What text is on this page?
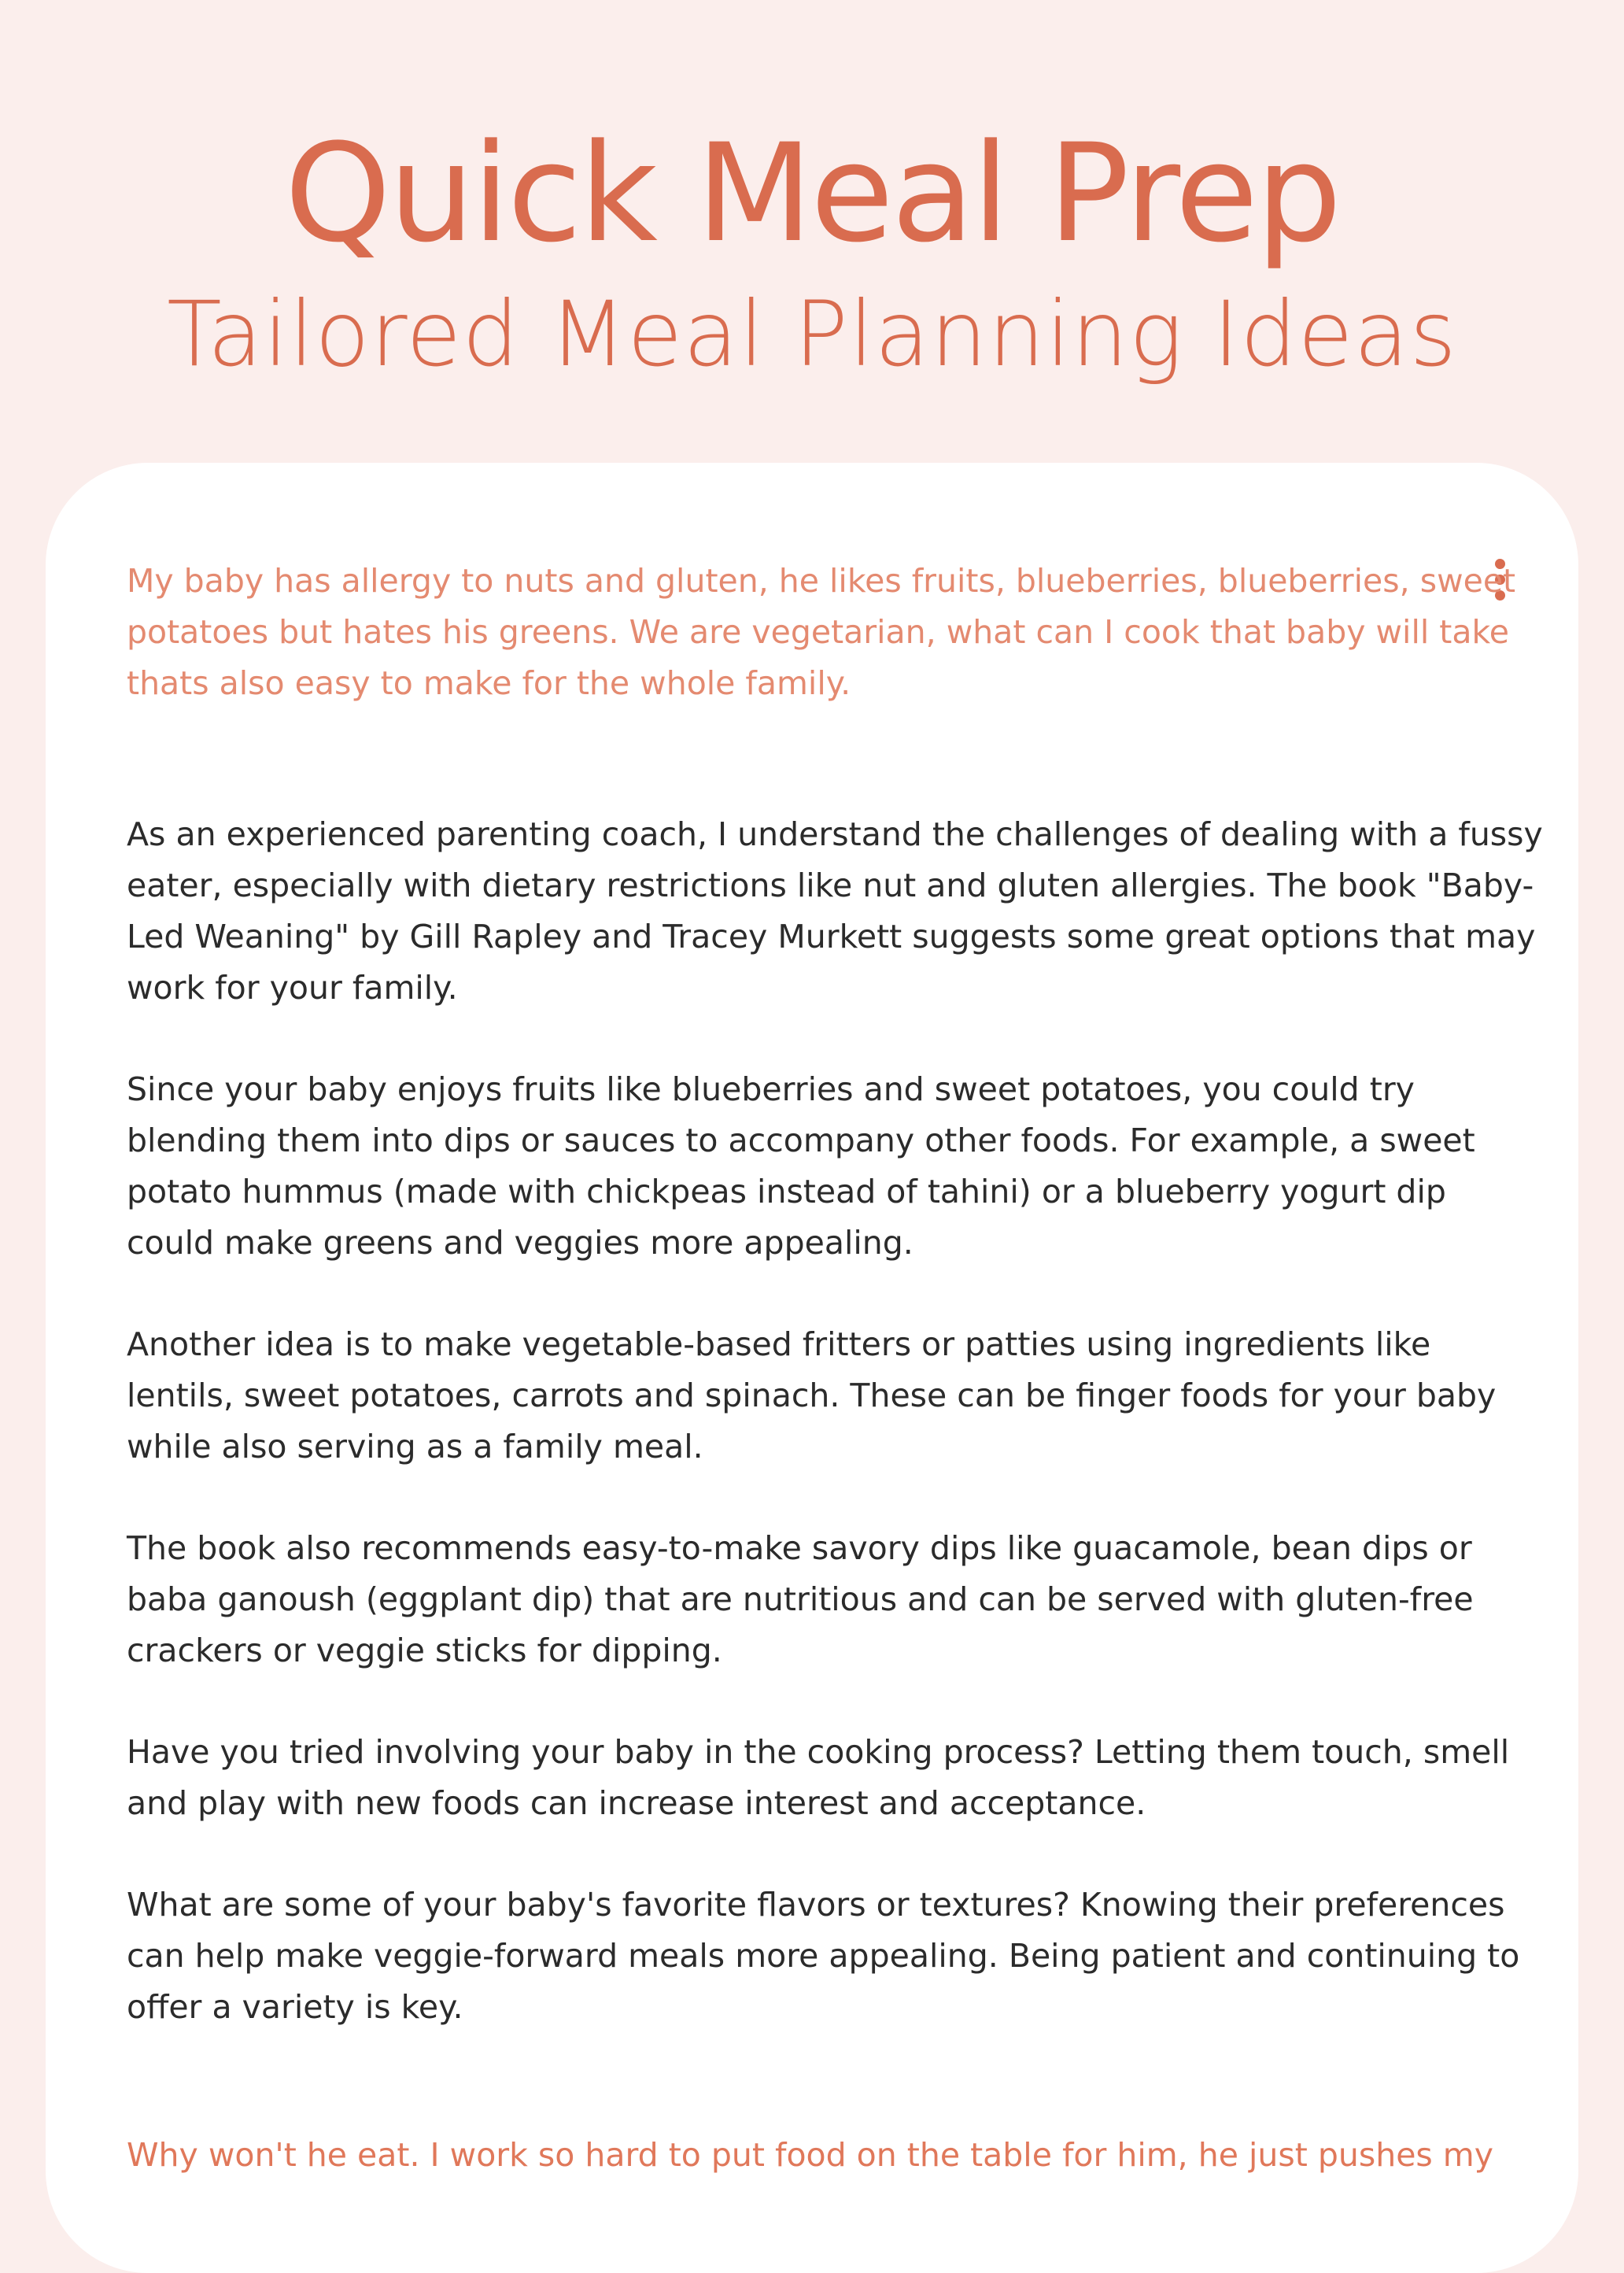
Quick Meal Prep
Tailored Meal Planning Ideas

My baby has allergy to nuts and gluten, he likes fruits, blueberries, blueberries, sweet potatoes but hates his greens. We are vegetarian, what can I cook that baby will take thats also easy to make for the whole family.

As an experienced parenting coach, I understand the challenges of dealing with a fussy eater, especially with dietary restrictions like nut and gluten allergies. The book "Baby-Led Weaning" by Gill Rapley and Tracey Murkett suggests some great options that may work for your family.

Since your baby enjoys fruits like blueberries and sweet potatoes, you could try blending them into dips or sauces to accompany other foods. For example, a sweet potato hummus (made with chickpeas instead of tahini) or a blueberry yogurt dip could make greens and veggies more appealing.

Another idea is to make vegetable-based fritters or patties using ingredients like lentils, sweet potatoes, carrots and spinach. These can be finger foods for your baby while also serving as a family meal.

The book also recommends easy-to-make savory dips like guacamole, bean dips or baba ganoush (eggplant dip) that are nutritious and can be served with gluten-free crackers or veggie sticks for dipping.

Have you tried involving your baby in the cooking process? Letting them touch, smell and play with new foods can increase interest and acceptance.

What are some of your baby's favorite flavors or textures? Knowing their preferences can help make veggie-forward meals more appealing. Being patient and continuing to offer a variety is key.

Why won't he eat. I work so hard to put food on the table for him, he just pushes my
